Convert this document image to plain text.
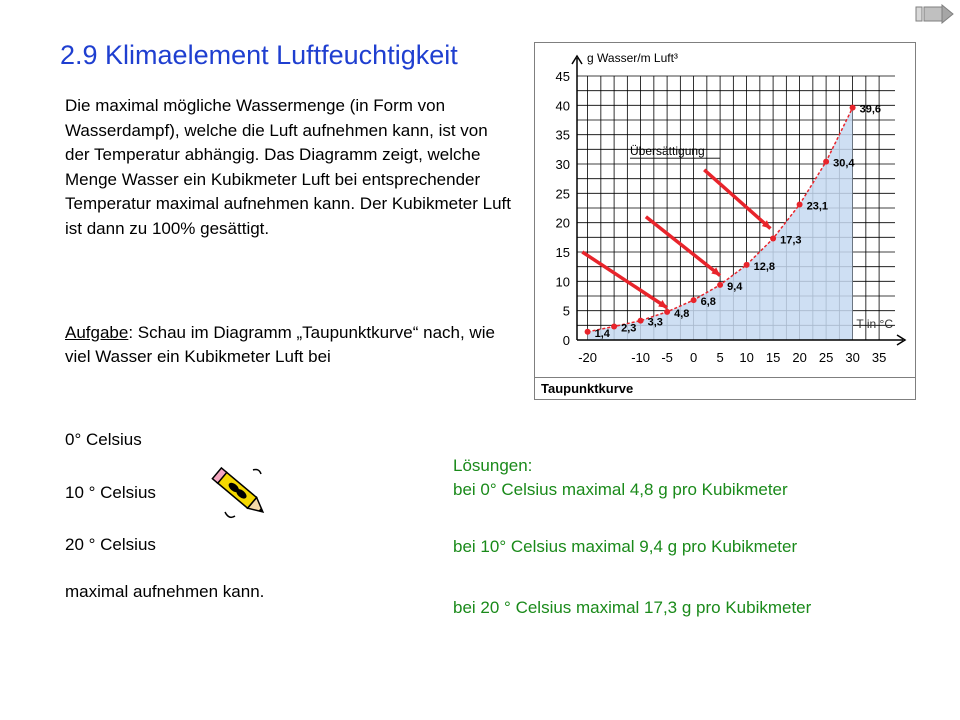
2.9 Klimaelement Luftfeuchtigkeit
Die maximal mögliche Wassermenge (in Form von Wasserdampf), welche die Luft aufnehmen kann, ist von der Temperatur abhängig. Das Diagramm zeigt, welche Menge Wasser ein Kubikmeter Luft bei entsprechender Temperatur maximal aufnehmen kann. Der Kubikmeter Luft ist dann zu 100% gesättigt.
Aufgabe: Schau im Diagramm „Taupunktkurve“ nach, wie viel Wasser ein Kubikmeter Luft bei
0° Celsius
10 ° Celsius
20 ° Celsius
maximal aufnehmen kann.
Lösungen:
bei 0° Celsius maximal 4,8 g pro Kubikmeter
bei 10° Celsius maximal 9,4 g pro Kubikmeter
bei 20 ° Celsius maximal 17,3 g pro Kubikmeter
0
5
10
15
20
25
30
35
40
45
-20	-10 -5 0 5 10 15 20 25 30 35
g Wasser/m Luft³
T in °C
1,4 2,3 3,3
4,8
6,8
9,4
12,8
17,3
23,1
30,4
39,6
Übersättigung
Taupunktkurve
